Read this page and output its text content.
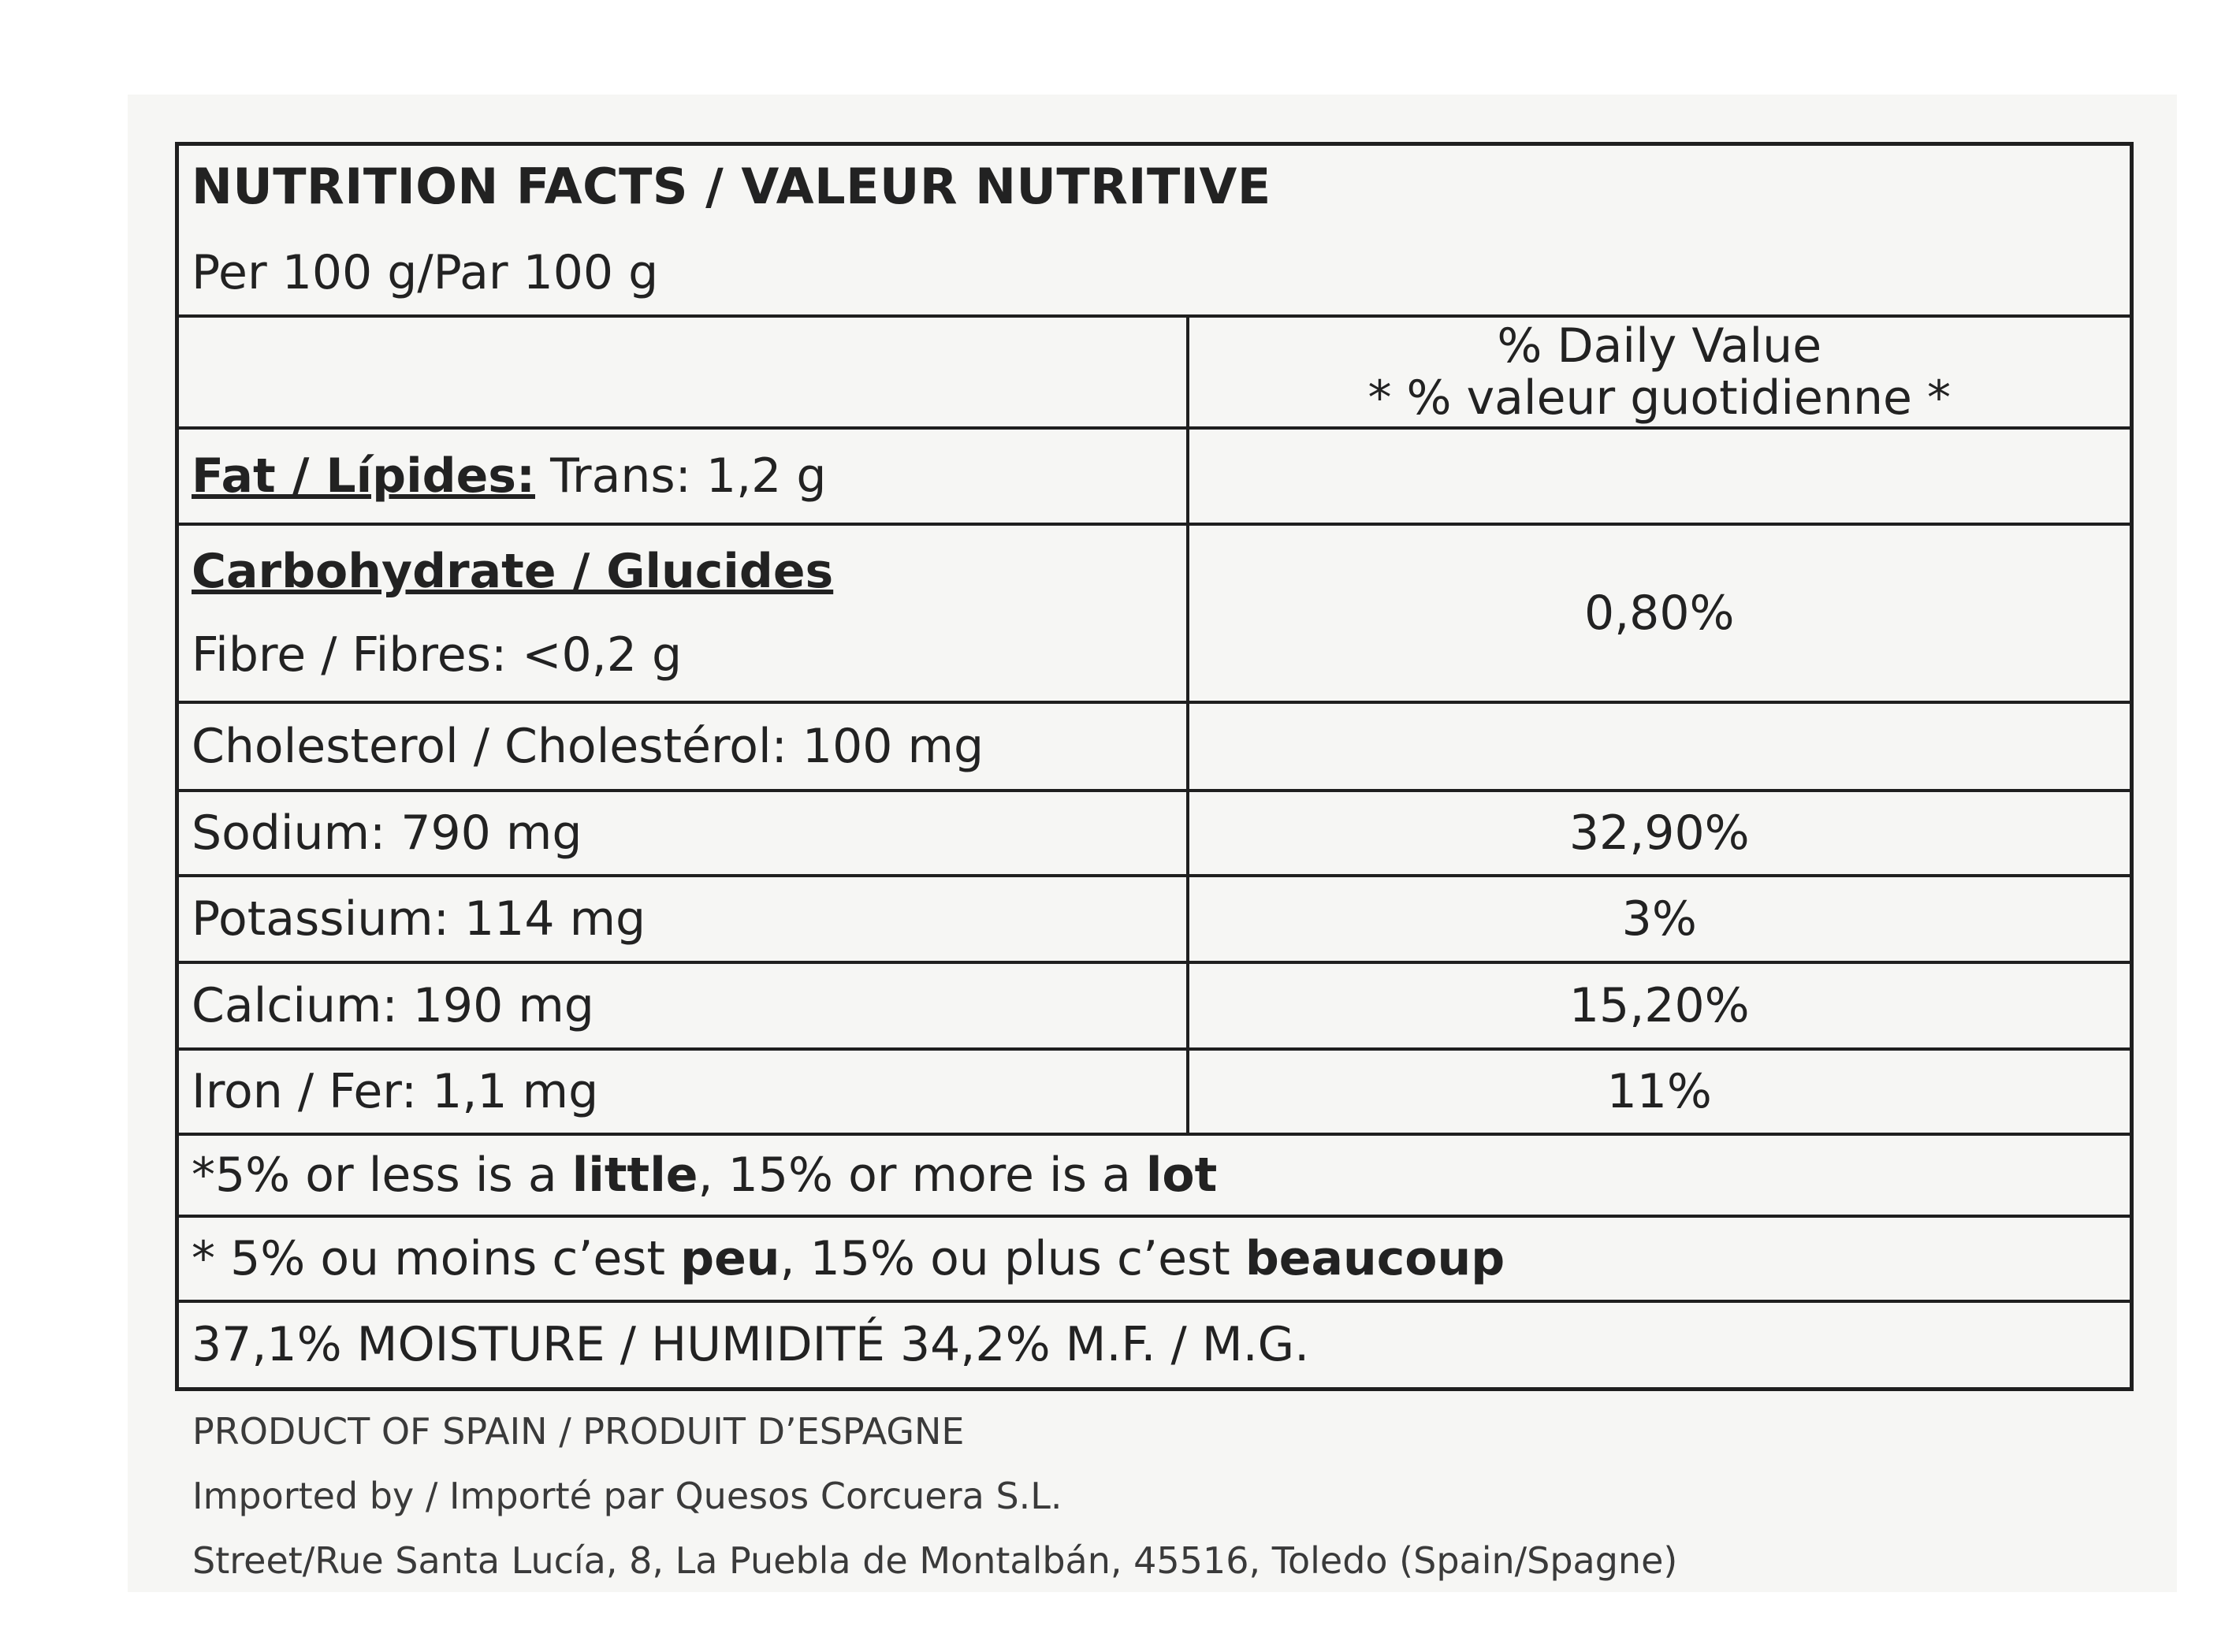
NUTRITION FACTS / VALEUR NUTRITIVE
Per 100 g/Par 100 g	

	% Daily Value
* % valeur guotidienne *

Fat / Lípides: Trans: 1,2 g	

Carbohydrate / Glucides
Fibre / Fibres: <0,2 g	0,80%
Cholesterol / Cholestérol: 100 mg	
Sodium: 790 mg	32,90%
Potassium: 114 mg	3%
Calcium: 190 mg	15,20%
Iron / Fer: 1,1 mg	11%
*5% or less is a little, 15% or more is a lot	
* 5% ou moins c’est peu, 15% ou plus c’est beaucoup	
37,1% MOISTURE / HUMIDITÉ 34,2% M.F. / M.G.	
PRODUCT OF SPAIN / PRODUIT D’ESPAGNE
Imported by / Importé par Quesos Corcuera S.L.
Street/Rue Santa Lucía, 8, La Puebla de Montalbán, 45516, Toledo (Spain/Spagne)
